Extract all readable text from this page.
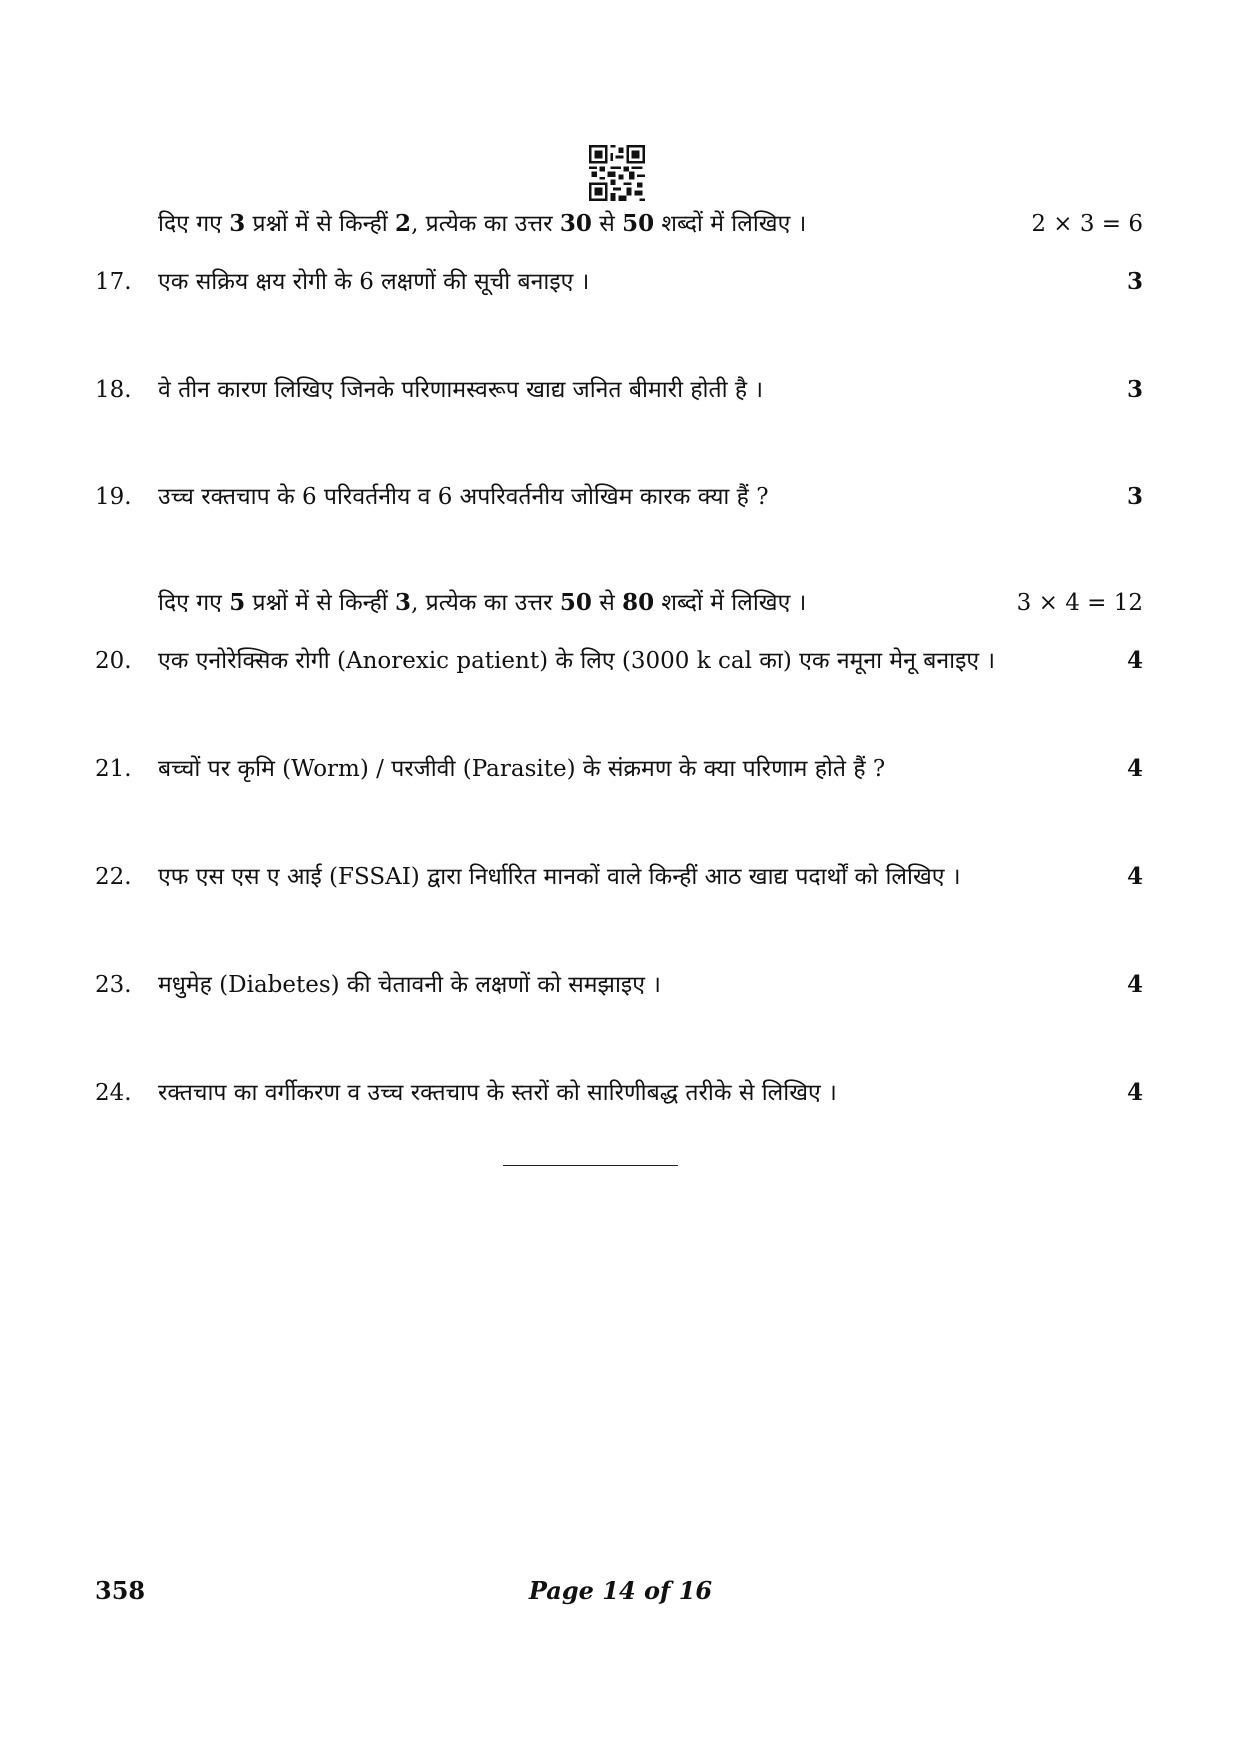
दिए गए 3 प्रश्नों में से किन्हीं 2, प्रत्येक का उत्तर 30 से 50 शब्दों में लिखिए ।	2 × 3 = 6
17.	एक सक्रिय क्षय रोगी के 6 लक्षणों की सूची बनाइए ।	3
18.	वे तीन कारण लिखिए जिनके परिणामस्वरूप खाद्य जनित बीमारी होती है ।	3
19.	उच्च रक्तचाप के 6 परिवर्तनीय व 6 अपरिवर्तनीय जोखिम कारक क्या हैं ?	3
दिए गए 5 प्रश्नों में से किन्हीं 3, प्रत्येक का उत्तर 50 से 80 शब्दों में लिखिए ।	3 × 4 = 12
20.	एक एनोरेक्सिक रोगी (Anorexic patient) के लिए (3000 k cal का) एक नमूना मेनू बनाइए ।	4
21.	बच्चों पर कृमि (Worm) / परजीवी (Parasite) के संक्रमण के क्या परिणाम होते हैं ?	4
22.	एफ एस एस ए आई (FSSAI) द्वारा निर्धारित मानकों वाले किन्हीं आठ खाद्य पदार्थों को लिखिए ।	4
23.	मधुमेह (Diabetes) की चेतावनी के लक्षणों को समझाइए ।	4
24.	रक्तचाप का वर्गीकरण व उच्च रक्तचाप के स्तरों को सारिणीबद्ध तरीके से लिखिए ।	4
358	Page 14 of 16
